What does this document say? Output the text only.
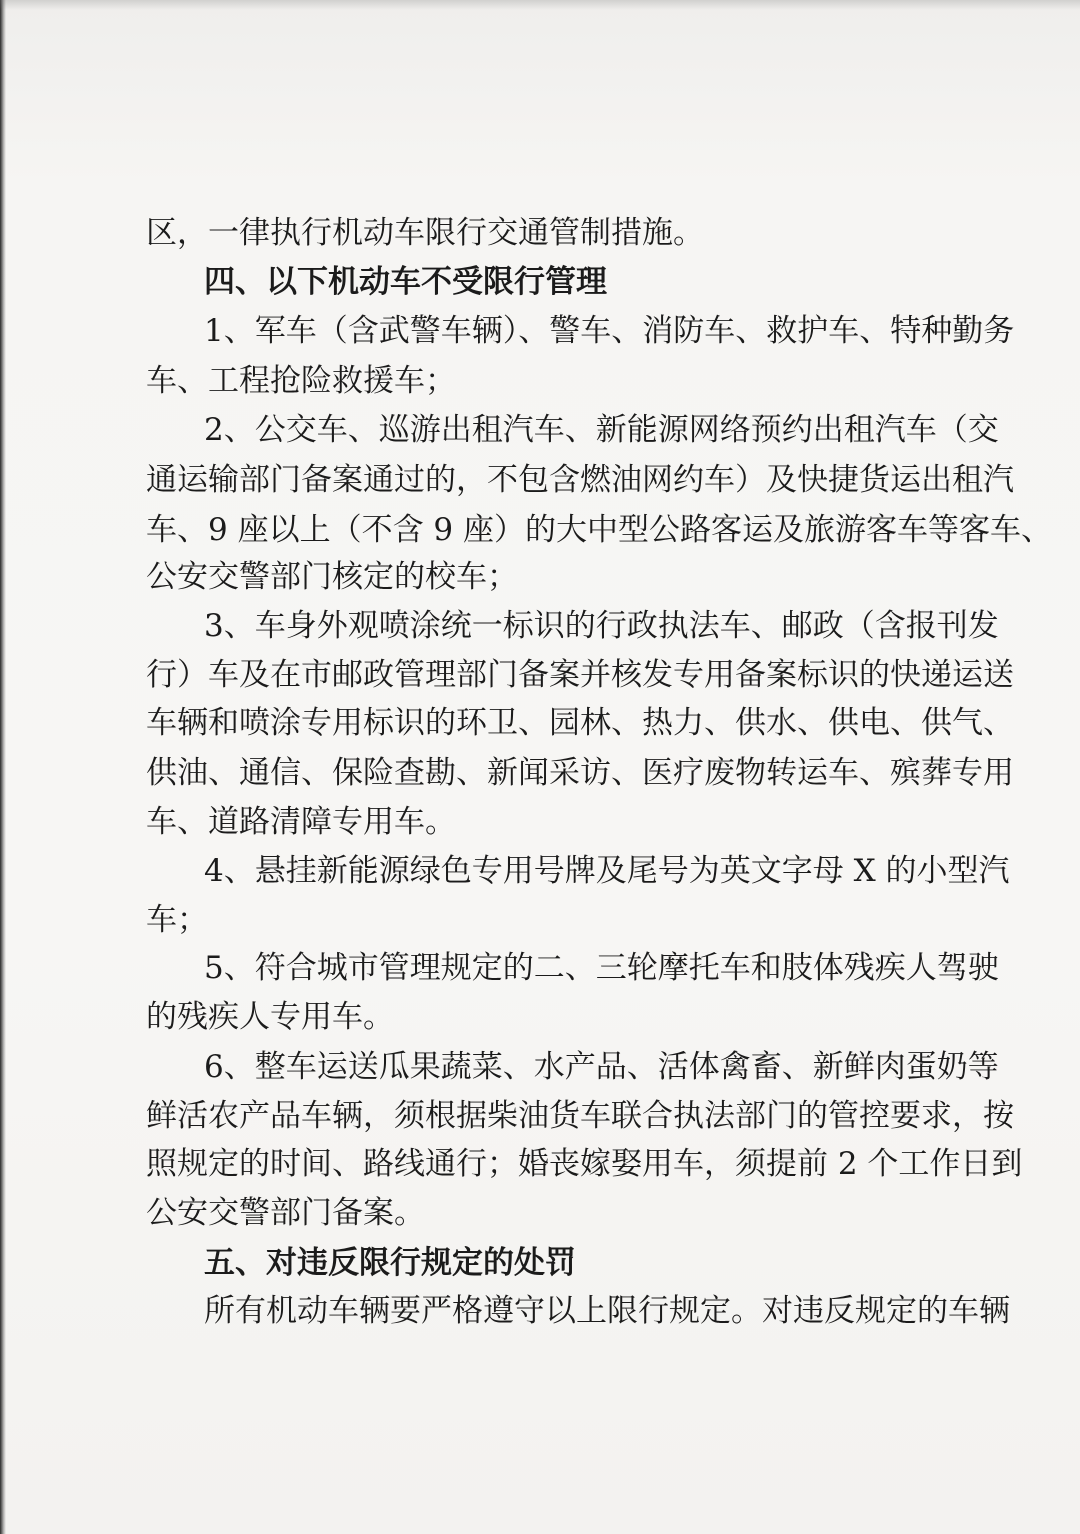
区，一律执行机动车限行交通管制措施。
四、以下机动车不受限行管理
1、军车（含武警车辆）、警车、消防车、救护车、特种勤务
车、工程抢险救援车；
2、公交车、巡游出租汽车、新能源网络预约出租汽车（交
通运输部门备案通过的，不包含燃油网约车）及快捷货运出租汽
车、9 座以上（不含 9 座）的大中型公路客运及旅游客车等客车、
公安交警部门核定的校车；
3、车身外观喷涂统一标识的行政执法车、邮政（含报刊发
行）车及在市邮政管理部门备案并核发专用备案标识的快递运送
车辆和喷涂专用标识的环卫、园林、热力、供水、供电、供气、
供油、通信、保险查勘、新闻采访、医疗废物转运车、殡葬专用
车、道路清障专用车。
4、悬挂新能源绿色专用号牌及尾号为英文字母 X 的小型汽
车；
5、符合城市管理规定的二、三轮摩托车和肢体残疾人驾驶
的残疾人专用车。
6、整车运送瓜果蔬菜、水产品、活体禽畜、新鲜肉蛋奶等
鲜活农产品车辆，须根据柴油货车联合执法部门的管控要求，按
照规定的时间、路线通行；婚丧嫁娶用车，须提前 2 个工作日到
公安交警部门备案。
五、对违反限行规定的处罚
所有机动车辆要严格遵守以上限行规定。对违反规定的车辆
